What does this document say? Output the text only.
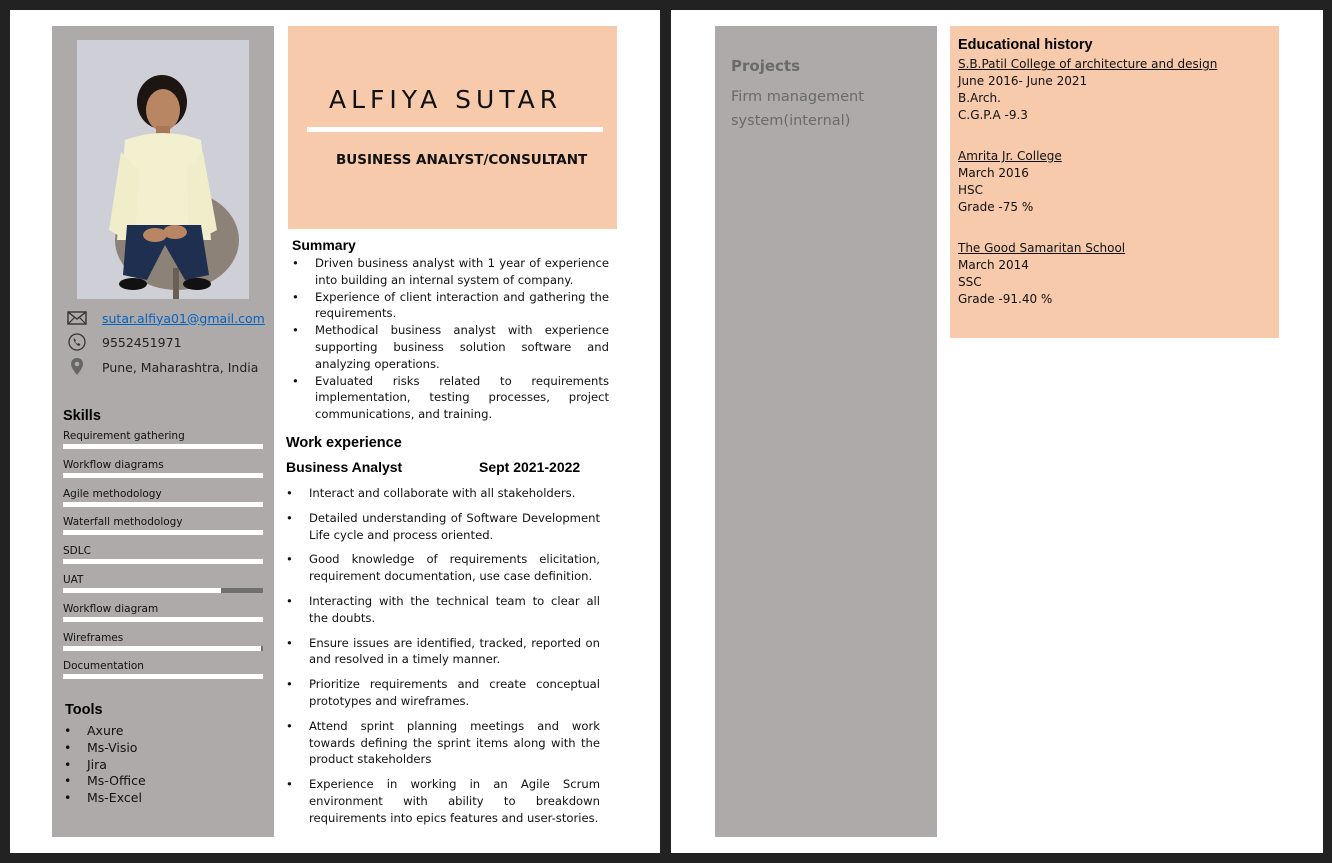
sutar.alfiya01@gmail.com
9552451971
Pune, Maharashtra, India
Skills
Requirement gathering
Workflow diagrams
Agile methodology
Waterfall methodology
SDLC
UAT
Workflow diagram
Wireframes
Documentation
Tools
• Axure
• Ms-Visio
• Jira
• Ms-Office
• Ms-Excel
ALFIYA SUTAR
BUSINESS ANALYST/CONSULTANT
Summary
• Driven business analyst with 1 year of experience into building an internal system of company.
• Experience of client interaction and gathering the requirements.
• Methodical business analyst with experience supporting business solution software and analyzing operations.
• Evaluated risks related to requirements implementation, testing processes, project communications, and training.
Work experience
Business Analyst	Sept 2021-2022
• Interact and collaborate with all stakeholders.
• Detailed understanding of Software Development Life cycle and process oriented.
• Good knowledge of requirements elicitation, requirement documentation, use case definition.
• Interacting with the technical team to clear all the doubts.
• Ensure issues are identified, tracked, reported on and resolved in a timely manner.
• Prioritize requirements and create conceptual prototypes and wireframes.
• Attend sprint planning meetings and work towards defining the sprint items along with the product stakeholders
• Experience in working in an Agile Scrum environment with ability to breakdown requirements into epics features and user-stories.
Projects
Firm management system(internal)
Educational history
S.B.Patil College of architecture and design
June 2016- June 2021
B.Arch.
C.G.P.A -9.3
Amrita Jr. College
March 2016
HSC
Grade -75 %
The Good Samaritan School
March 2014
SSC
Grade -91.40 %
